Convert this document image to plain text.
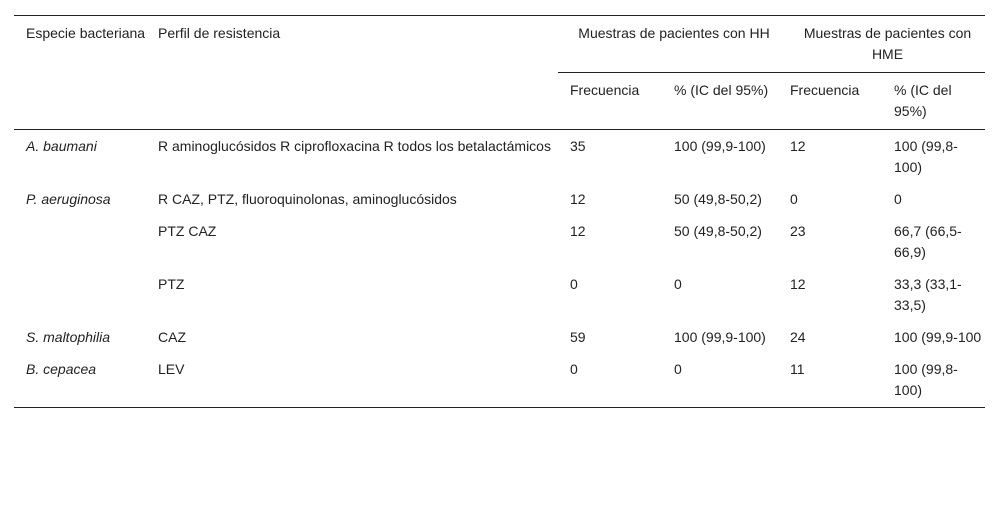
Especie bacteriana	Perfil de resistencia	Muestras de pacientes con HH		Muestras de pacientes con HME	
		Frecuencia	% (IC del 95%)	Frecuencia	% (IC del 95%)
A. baumani	R aminoglucósidos R ciprofloxacina R todos los betalactámicos	35	100 (99,9-100)	12	100 (99,8-100)
P. aeruginosa	R CAZ, PTZ, fluoroquinolonas, aminoglucósidos	12	50 (49,8-50,2)	0	0
	PTZ CAZ	12	50 (49,8-50,2)	23	66,7 (66,5-66,9)
	PTZ	0	0	12	33,3 (33,1-33,5)
S. maltophilia	CAZ	59	100 (99,9-100)	24	100 (99,9-100
B. cepacea	LEV	0	0	11	100 (99,8-100)
